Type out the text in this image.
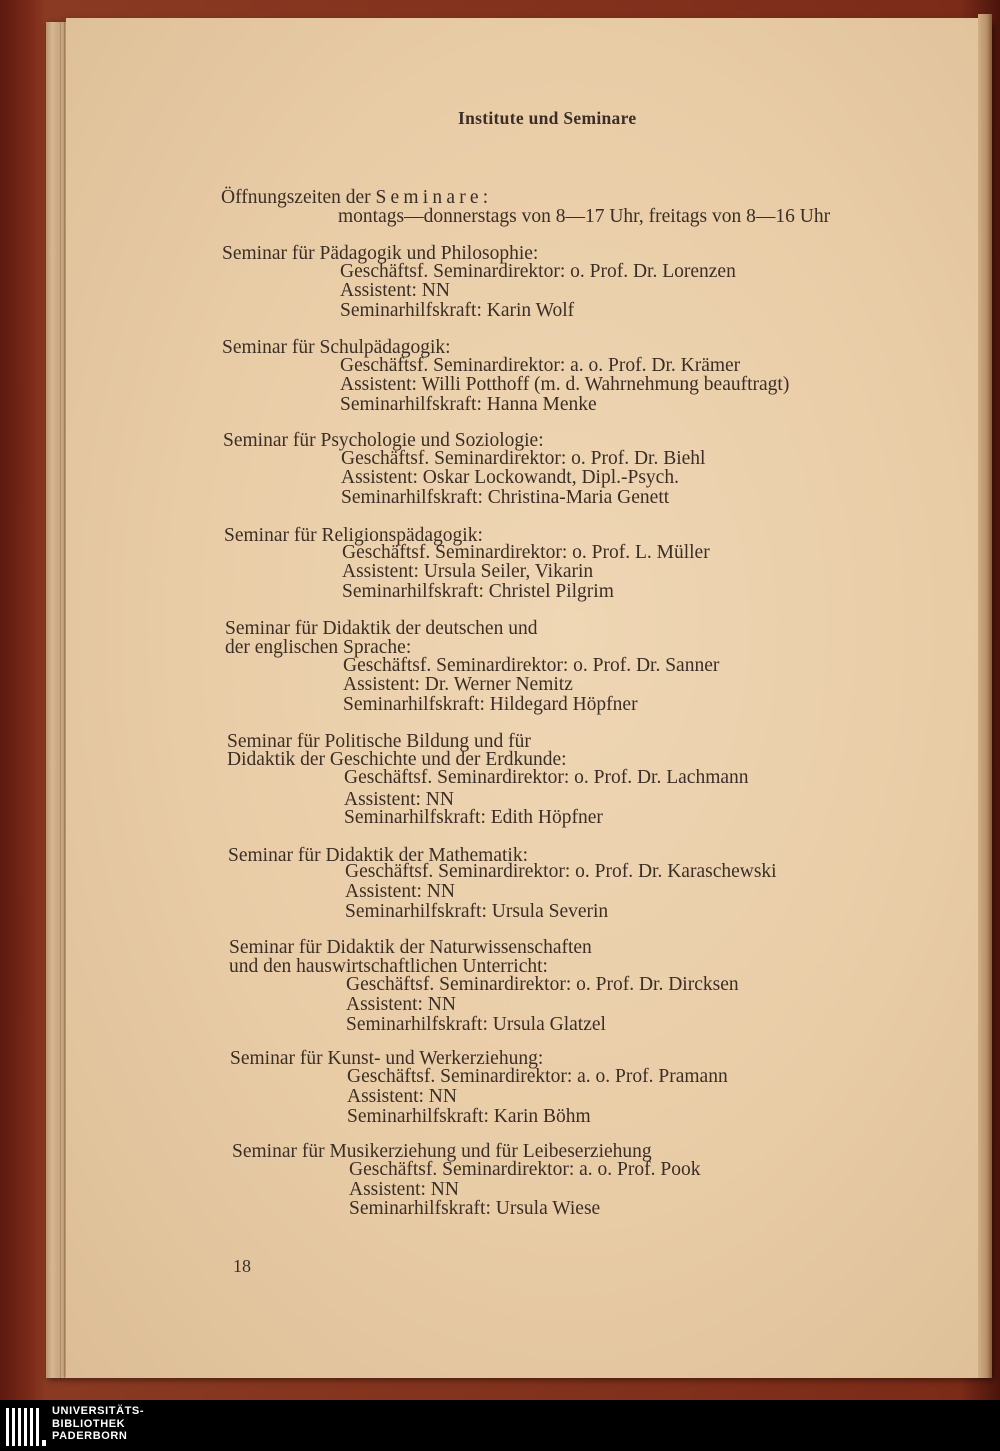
Institute und Seminare
Öffnungszeiten der Seminare:
montags—donnerstags von 8—17 Uhr, freitags von 8—16 Uhr
Seminar für Pädagogik und Philosophie:
Geschäftsf. Seminardirektor: o. Prof. Dr. Lorenzen
Assistent: NN
Seminarhilfskraft: Karin Wolf
Seminar für Schulpädagogik:
Geschäftsf. Seminardirektor: a. o. Prof. Dr. Krämer
Assistent: Willi Potthoff (m. d. Wahrnehmung beauftragt)
Seminarhilfskraft: Hanna Menke
Seminar für Psychologie und Soziologie:
Geschäftsf. Seminardirektor: o. Prof. Dr. Biehl
Assistent: Oskar Lockowandt, Dipl.-Psych.
Seminarhilfskraft: Christina-Maria Genett
Seminar für Religionspädagogik:
Geschäftsf. Seminardirektor: o. Prof. L. Müller
Assistent: Ursula Seiler, Vikarin
Seminarhilfskraft: Christel Pilgrim
Seminar für Didaktik der deutschen und
der englischen Sprache:
Geschäftsf. Seminardirektor: o. Prof. Dr. Sanner
Assistent: Dr. Werner Nemitz
Seminarhilfskraft: Hildegard Höpfner
Seminar für Politische Bildung und für
Didaktik der Geschichte und der Erdkunde:
Geschäftsf. Seminardirektor: o. Prof. Dr. Lachmann
Assistent: NN
Seminarhilfskraft: Edith Höpfner
Seminar für Didaktik der Mathematik:
Geschäftsf. Seminardirektor: o. Prof. Dr. Karaschewski
Assistent: NN
Seminarhilfskraft: Ursula Severin
Seminar für Didaktik der Naturwissenschaften
und den hauswirtschaftlichen Unterricht:
Geschäftsf. Seminardirektor: o. Prof. Dr. Dircksen
Assistent: NN
Seminarhilfskraft: Ursula Glatzel
Seminar für Kunst- und Werkerziehung:
Geschäftsf. Seminardirektor: a. o. Prof. Pramann
Assistent: NN
Seminarhilfskraft: Karin Böhm
Seminar für Musikerziehung und für Leibeserziehung
Geschäftsf. Seminardirektor: a. o. Prof. Pook
Assistent: NN
Seminarhilfskraft: Ursula Wiese
18
UNIVERSITÄTS-
BIBLIOTHEK
PADERBORN
